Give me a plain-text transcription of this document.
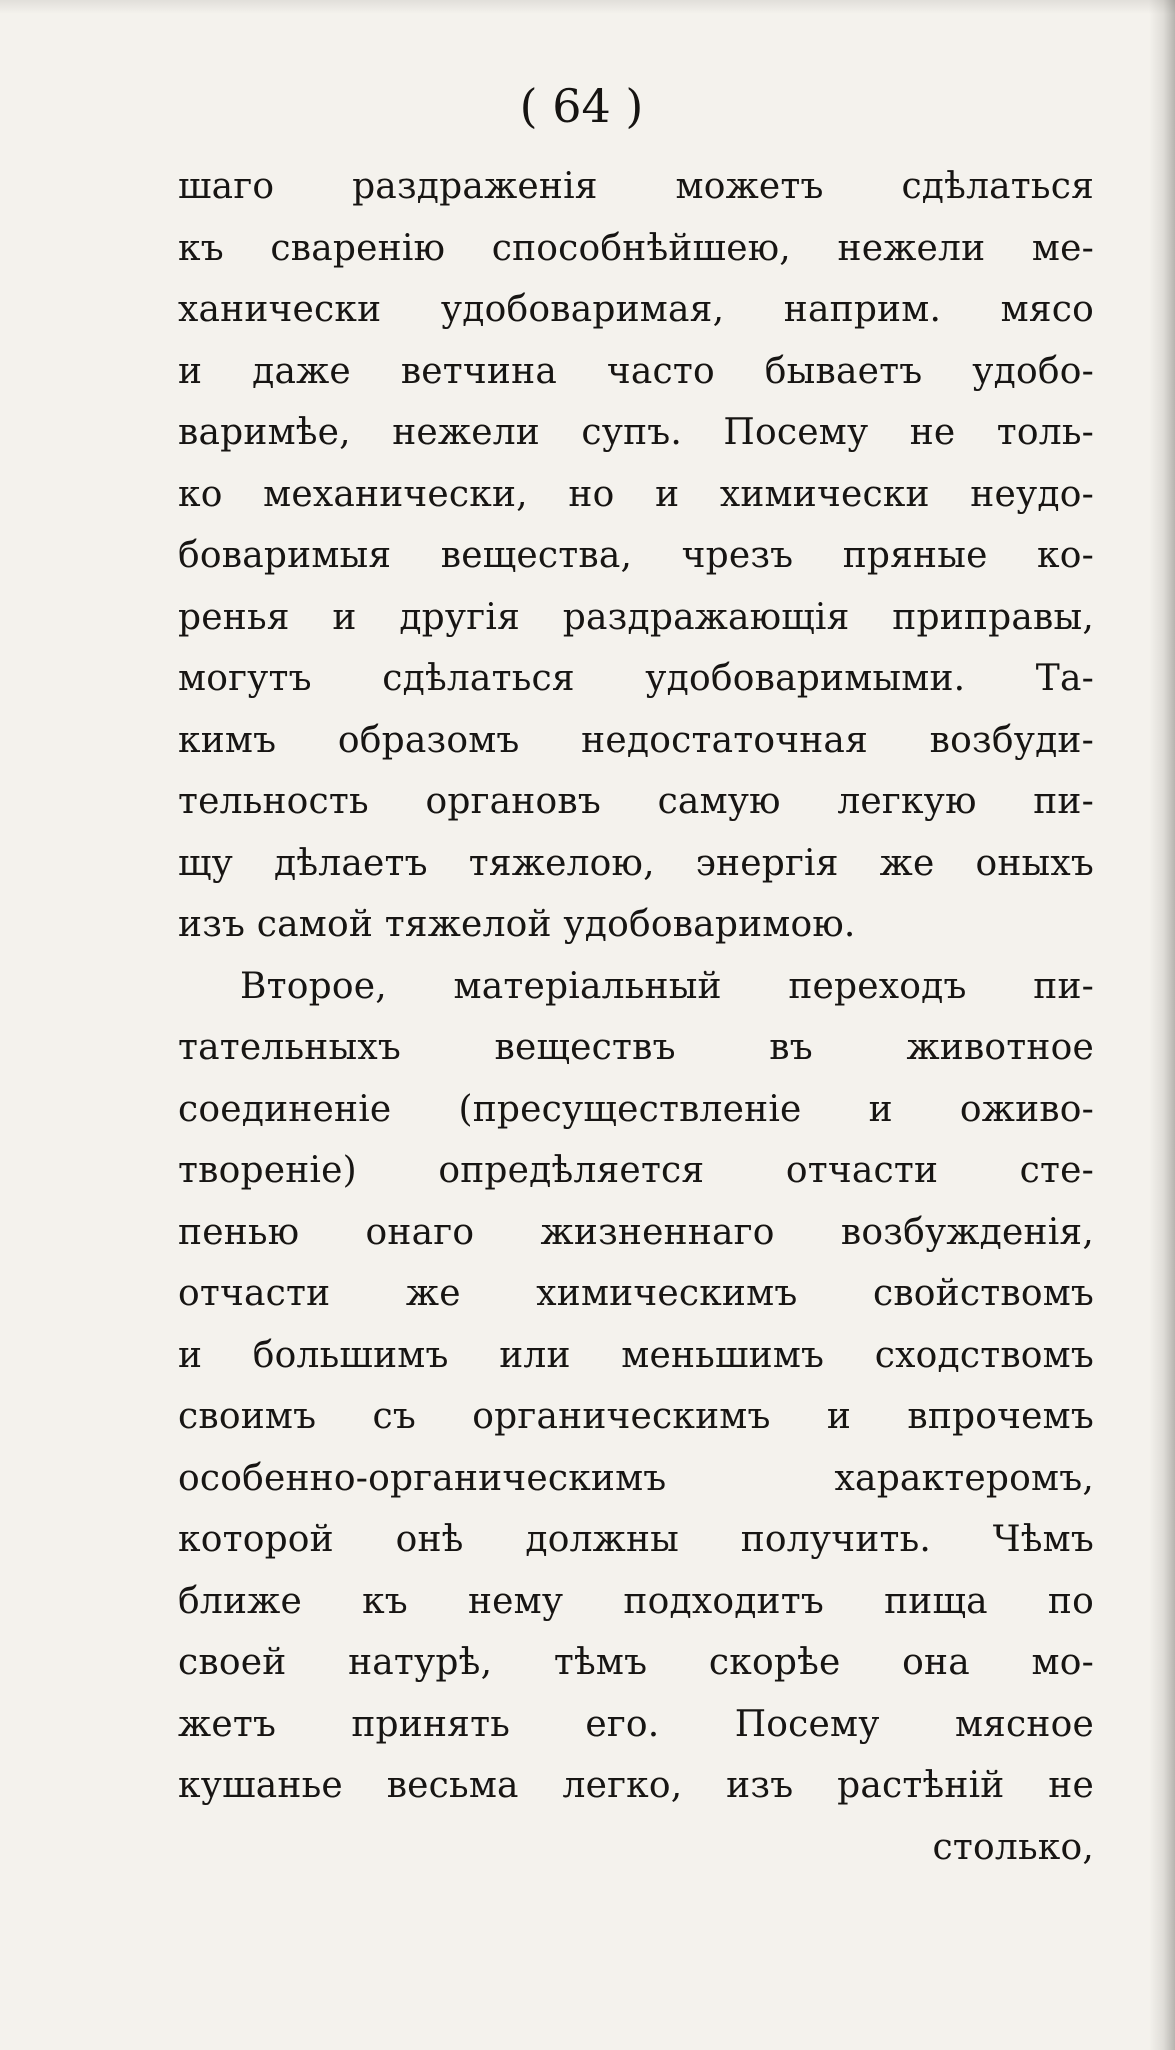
( 64 )
шаго раздраженія можетъ сдѣлаться
къ сваренію способнѣйшею, нежели ме-
ханически удобоваримая, наприм. мясо
и даже ветчина часто бываетъ удобо-
варимѣе, нежели супъ. Посему не толь-
ко механически, но и химически неудо-
боваримыя вещества, чрезъ пряные ко-
ренья и другія раздражающія приправы,
могутъ сдѣлаться удобоваримыми. Та-
кимъ образомъ недостаточная возбуди-
тельность органовъ самую легкую пи-
щу дѣлаетъ тяжелою, энергія же оныхъ
изъ самой тяжелой удобоваримою.
Второе, матеріальный переходъ пи-
тательныхъ веществъ въ животное
соединеніе (пресуществленіе и оживо-
твореніе) опредѣляется отчасти сте-
пенью онаго жизненнаго возбужденія,
отчасти же химическимъ свойствомъ
и большимъ или меньшимъ сходствомъ
своимъ съ органическимъ и впрочемъ
особенно-органическимъ характеромъ,
которой онѣ должны получить. Чѣмъ
ближе къ нему подходитъ пища по
своей натурѣ, тѣмъ скорѣе она мо-
жетъ принять его. Посему мясное
кушанье весьма легко, изъ растѣній не
столько,
